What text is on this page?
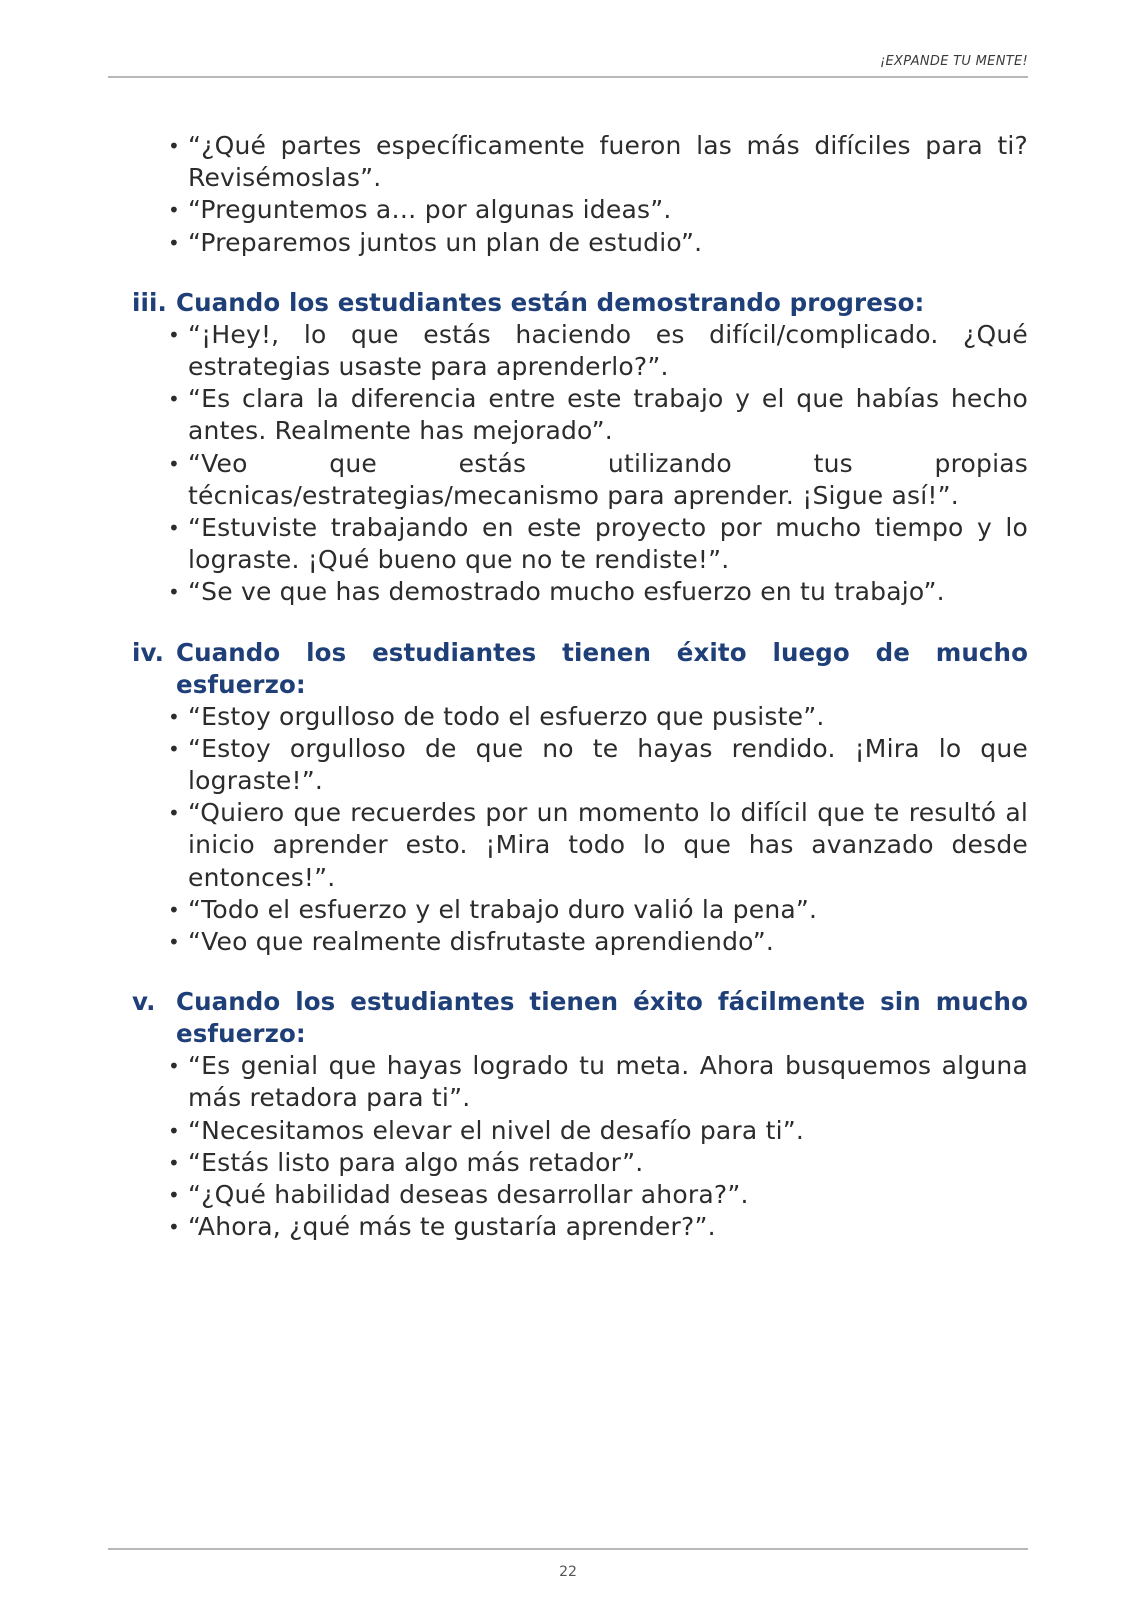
¡EXPANDE TU MENTE!
• “¿Qué partes específicamente fueron las más difíciles para ti? Revisémoslas”.
• “Preguntemos a… por algunas ideas”.
• “Preparemos juntos un plan de estudio”.
iii. Cuando los estudiantes están demostrando progreso:
• “¡Hey!, lo que estás haciendo es difícil/complicado. ¿Qué estrategias usaste para aprenderlo?”.
• “Es clara la diferencia entre este trabajo y el que habías hecho antes. Realmente has mejorado”.
• “Veo que estás utilizando tus propias técnicas/estrategias/mecanismo para aprender. ¡Sigue así!”.
• “Estuviste trabajando en este proyecto por mucho tiempo y lo lograste. ¡Qué bueno que no te rendiste!”.
• “Se ve que has demostrado mucho esfuerzo en tu trabajo”.
iv. Cuando los estudiantes tienen éxito luego de mucho esfuerzo:
• “Estoy orgulloso de todo el esfuerzo que pusiste”.
• “Estoy orgulloso de que no te hayas rendido. ¡Mira lo que lograste!”.
• “Quiero que recuerdes por un momento lo difícil que te resultó al inicio aprender esto. ¡Mira todo lo que has avanzado desde entonces!”.
• “Todo el esfuerzo y el trabajo duro valió la pena”.
• “Veo que realmente disfrutaste aprendiendo”.
v. Cuando los estudiantes tienen éxito fácilmente sin mucho esfuerzo:
• “Es genial que hayas logrado tu meta. Ahora busquemos alguna más retadora para ti”.
• “Necesitamos elevar el nivel de desafío para ti”.
• “Estás listo para algo más retador”.
• “¿Qué habilidad deseas desarrollar ahora?”.
• “Ahora, ¿qué más te gustaría aprender?”.
22
